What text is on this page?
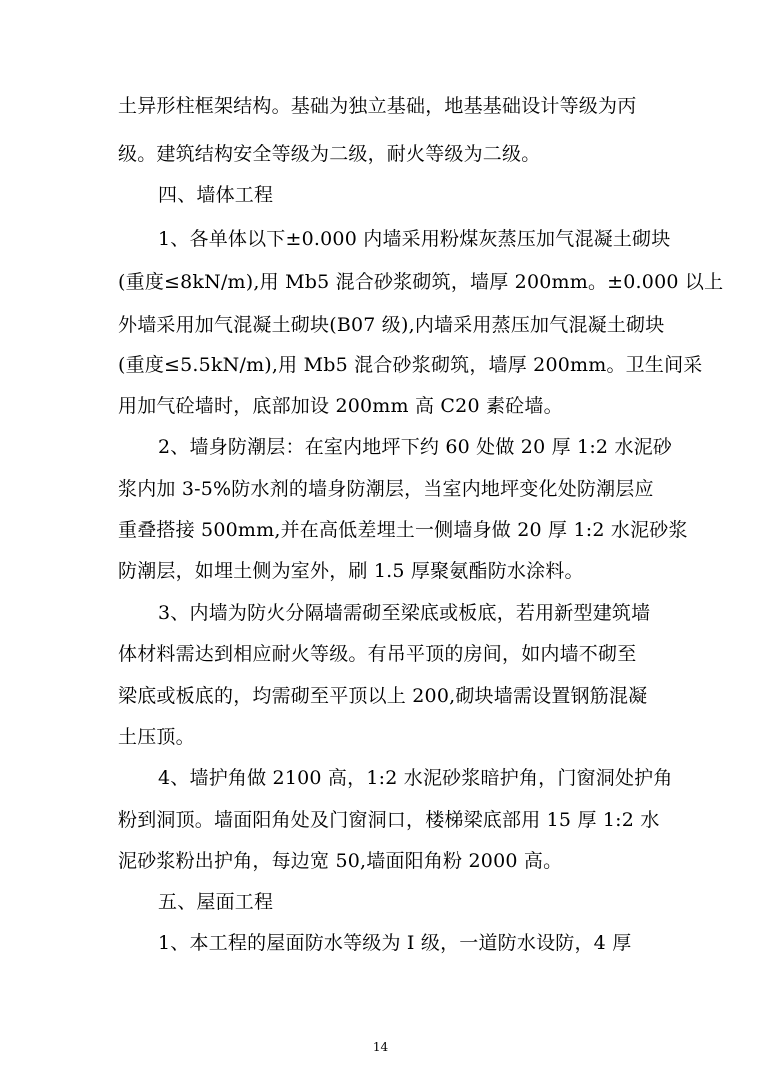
土异形柱框架结构。基础为独立基础，地基基础设计等级为丙
级。建筑结构安全等级为二级，耐火等级为二级。
四、墙体工程
1、各单体以下±0.000 内墙采用粉煤灰蒸压加气混凝土砌块
(重度≤8kN/m),用 Mb5 混合砂浆砌筑，墙厚 200mm。±0.000 以上
外墙采用加气混凝土砌块(B07 级),内墙采用蒸压加气混凝土砌块
(重度≤5.5kN/m),用 Mb5 混合砂浆砌筑，墙厚 200mm。卫生间采
用加气砼墙时，底部加设 200mm 高 C20 素砼墙。
2、墙身防潮层：在室内地坪下约 60 处做 20 厚 1:2 水泥砂
浆内加 3-5%防水剂的墙身防潮层，当室内地坪变化处防潮层应
重叠搭接 500mm,并在高低差埋土一侧墙身做 20 厚 1:2 水泥砂浆
防潮层，如埋土侧为室外，刷 1.5 厚聚氨酯防水涂料。
3、内墙为防火分隔墙需砌至梁底或板底，若用新型建筑墙
体材料需达到相应耐火等级。有吊平顶的房间，如内墙不砌至
梁底或板底的，均需砌至平顶以上 200,砌块墙需设置钢筋混凝
土压顶。
4、墙护角做 2100 高，1:2 水泥砂浆暗护角，门窗洞处护角
粉到洞顶。墙面阳角处及门窗洞口，楼梯梁底部用 15 厚 1:2 水
泥砂浆粉出护角，每边宽 50,墙面阳角粉 2000 高。
五、屋面工程
1、本工程的屋面防水等级为 I 级，一道防水设防，4 厚
14
